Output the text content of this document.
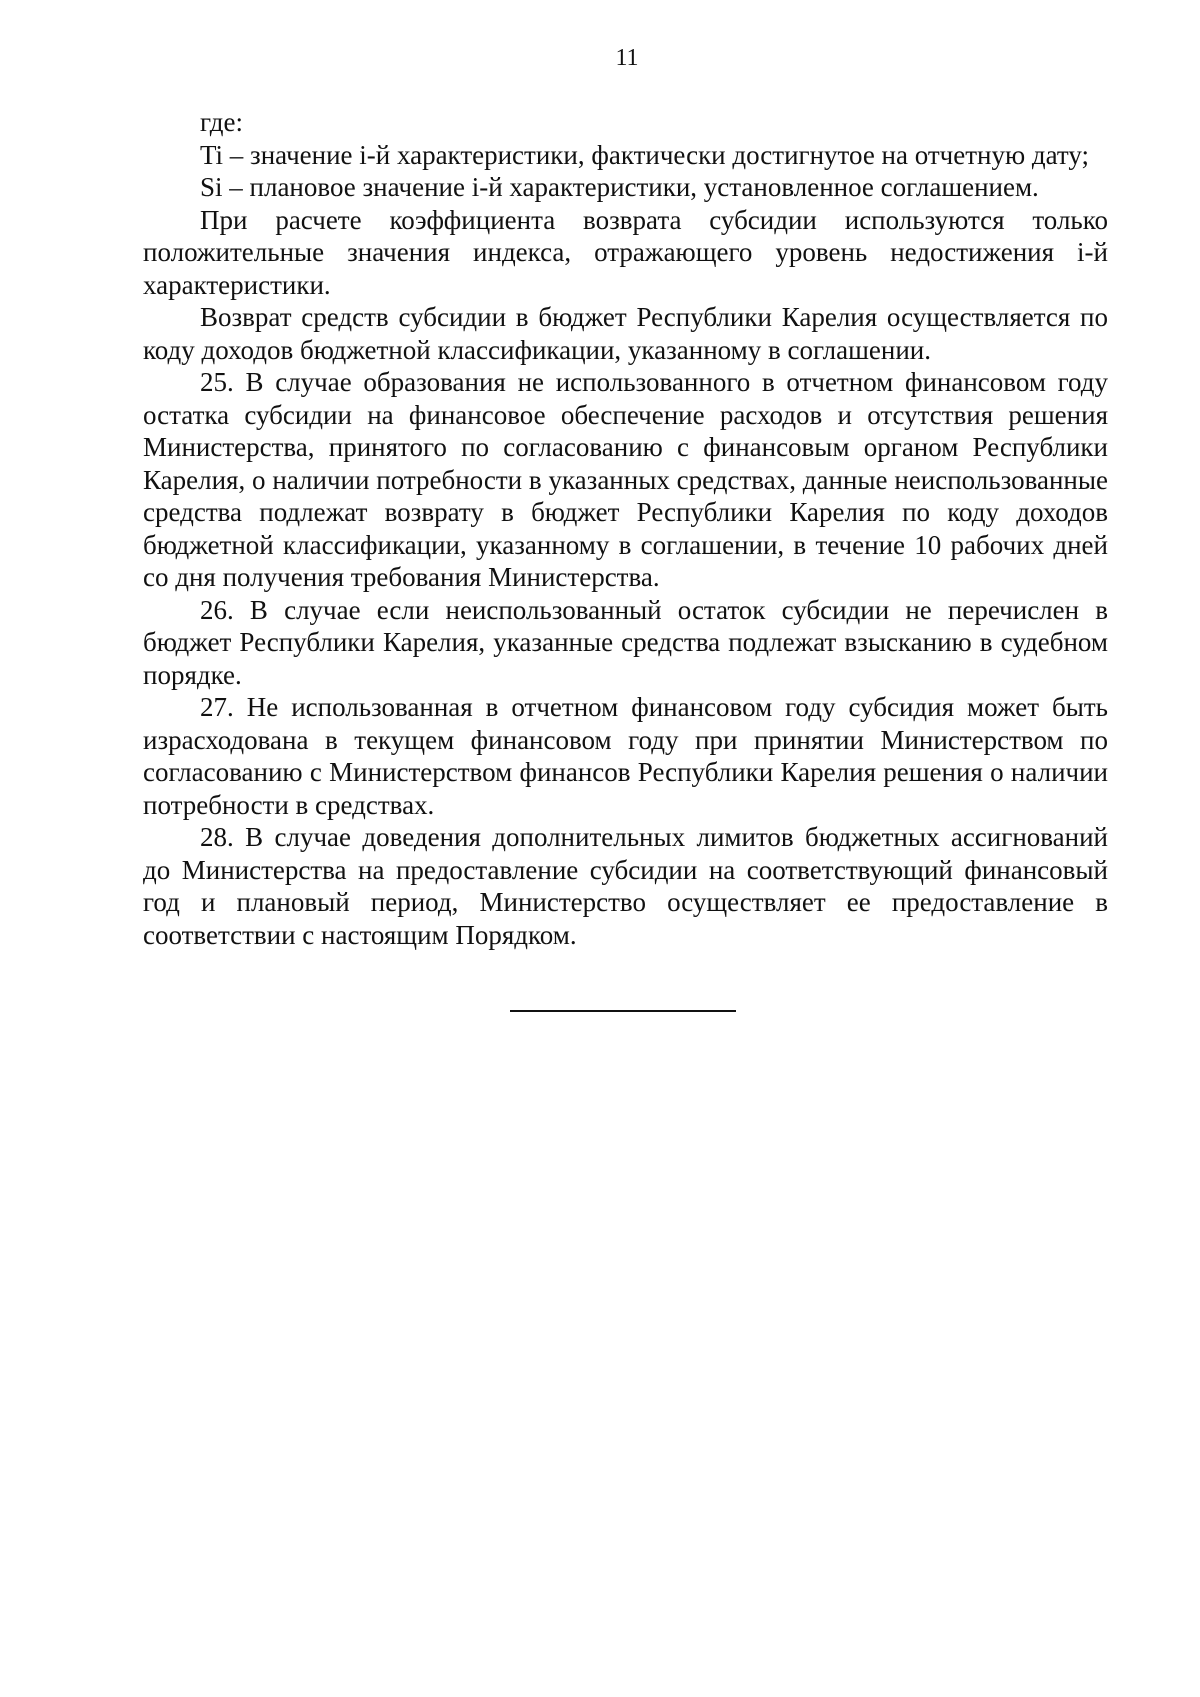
11

где:

Ti – значение i-й характеристики, фактически достигнутое на отчетную дату;

Si – плановое значение i-й характеристики, установленное соглашением.

При расчете коэффициента возврата субсидии используются только положительные значения индекса, отражающего уровень недостижения i-й характеристики.

Возврат средств субсидии в бюджет Республики Карелия осуществляется по коду доходов бюджетной классификации, указанному в соглашении.

25. В случае образования не использованного в отчетном финансовом году остатка субсидии на финансовое обеспечение расходов и отсутствия решения Министерства, принятого по согласованию с финансовым органом Республики Карелия, о наличии потребности в указанных средствах, данные неиспользованные средства подлежат возврату в бюджет Республики Карелия по коду доходов бюджетной классификации, указанному в соглашении, в течение 10 рабочих дней со дня получения требования Министерства.

26. В случае если неиспользованный остаток субсидии не перечислен в бюджет Республики Карелия, указанные средства подлежат взысканию в судебном порядке.

27. Не использованная в отчетном финансовом году субсидия может быть израсходована в текущем финансовом году при принятии Министерством по согласованию с Министерством финансов Республики Карелия решения о наличии потребности в средствах.

28. В случае доведения дополнительных лимитов бюджетных ассигнований до Министерства на предоставление субсидии на соответствующий финансовый год и плановый период, Министерство осуществляет ее предоставление в соответствии с настоящим Порядком.
